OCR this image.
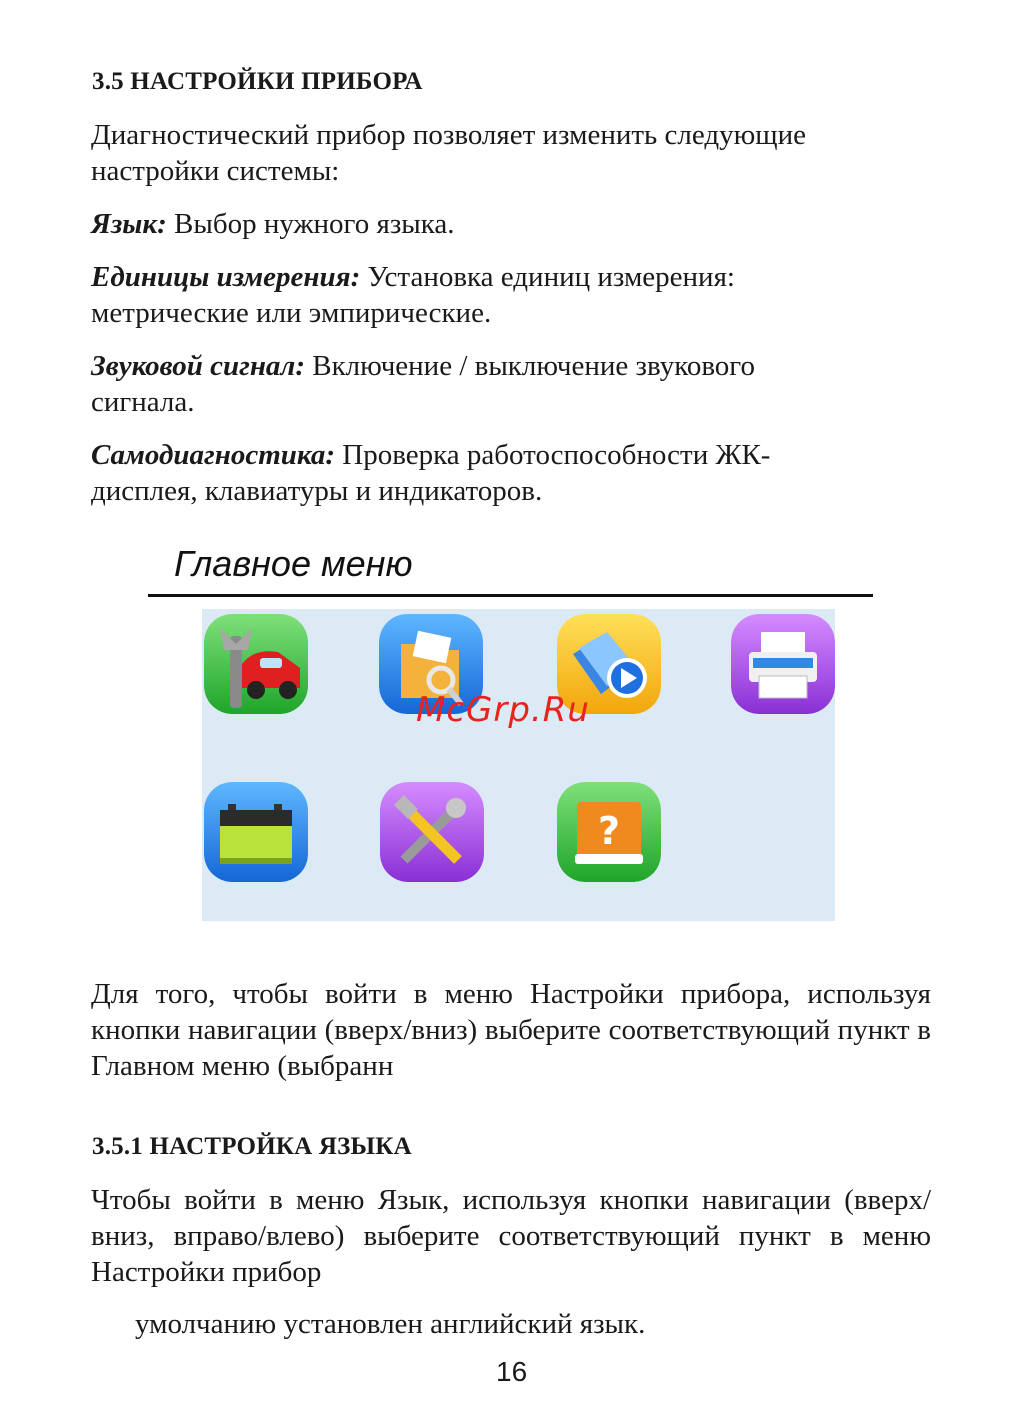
3.5 НАСТРОЙКИ ПРИБОРА
Диагностический прибор позволяет изменить следующие настройки системы:
Язык: Выбор нужного языка.
Единицы измерения: Установка единиц измерения: метрические или эмпирические.
Звуковой сигнал: Включение / выключение звукового сигнала.
Самодиагностика: Проверка работоспособности ЖК-дисплея, клавиатуры и индикаторов.
Главное меню
?
McGrp.Ru
Для того, чтобы войти в меню Настройки прибора, используя кнопки навигации (вверх/вниз) выберите соответствующий пункт в Главном меню (выбранн
3.5.1 НАСТРОЙКА ЯЗЫКА
Чтобы войти в меню Язык, используя кнопки навигации (вверх/вниз, вправо/влево) выберите соответствующий пункт в меню Настройки прибор
умолчанию установлен английский язык.
16
